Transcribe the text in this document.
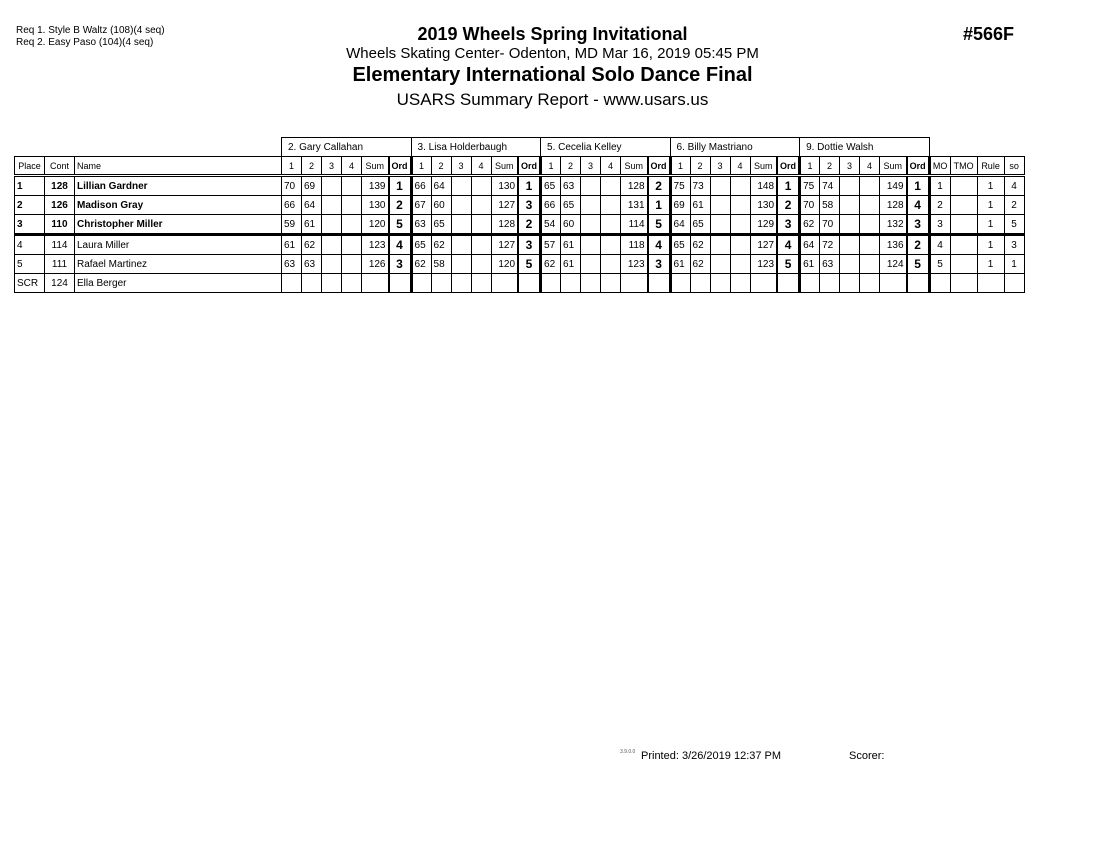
Req 1. Style B Waltz (108)(4 seq)
Req 2. Easy Paso (104)(4 seq)	2019 Wheels Spring Invitational
Wheels Skating Center- Odenton, MD Mar 16, 2019 05:45 PM
Elementary International Solo Dance Final
USARS Summary Report - www.usars.us
#566F
			2. Gary Callahan						3. Lisa Holderbaugh						5. Cecelia Kelley						6. Billy Mastriano						9. Dottie Walsh									
Place	Cont	Name	1	2	3	4	Sum	Ord	1	2	3	4	Sum	Ord	1	2	3	4	Sum	Ord	1	2	3	4	Sum	Ord	1	2	3	4	Sum	Ord	MO	TMO	Rule	so
1	128	Lillian Gardner	70	69			139	1	66	64			130	1	65	63			128	2	75	73			148	1	75	74			149	1	1		1	4
2	126	Madison Gray	66	64			130	2	67	60			127	3	66	65			131	1	69	61			130	2	70	58			128	4	2		1	2
3	110	Christopher Miller	59	61			120	5	63	65			128	2	54	60			114	5	64	65			129	3	62	70			132	3	3		1	5
4	114	Laura Miller	61	62			123	4	65	62			127	3	57	61			118	4	65	62			127	4	64	72			136	2	4		1	3
5	111	Rafael Martinez	63	63			126	3	62	58			120	5	62	61			123	3	61	62			123	5	61	63			124	5	5		1	1
SCR	124	Ella Berger																																		
3.9.0.0 Printed: 3/26/2019 12:37 PM	Scorer:
